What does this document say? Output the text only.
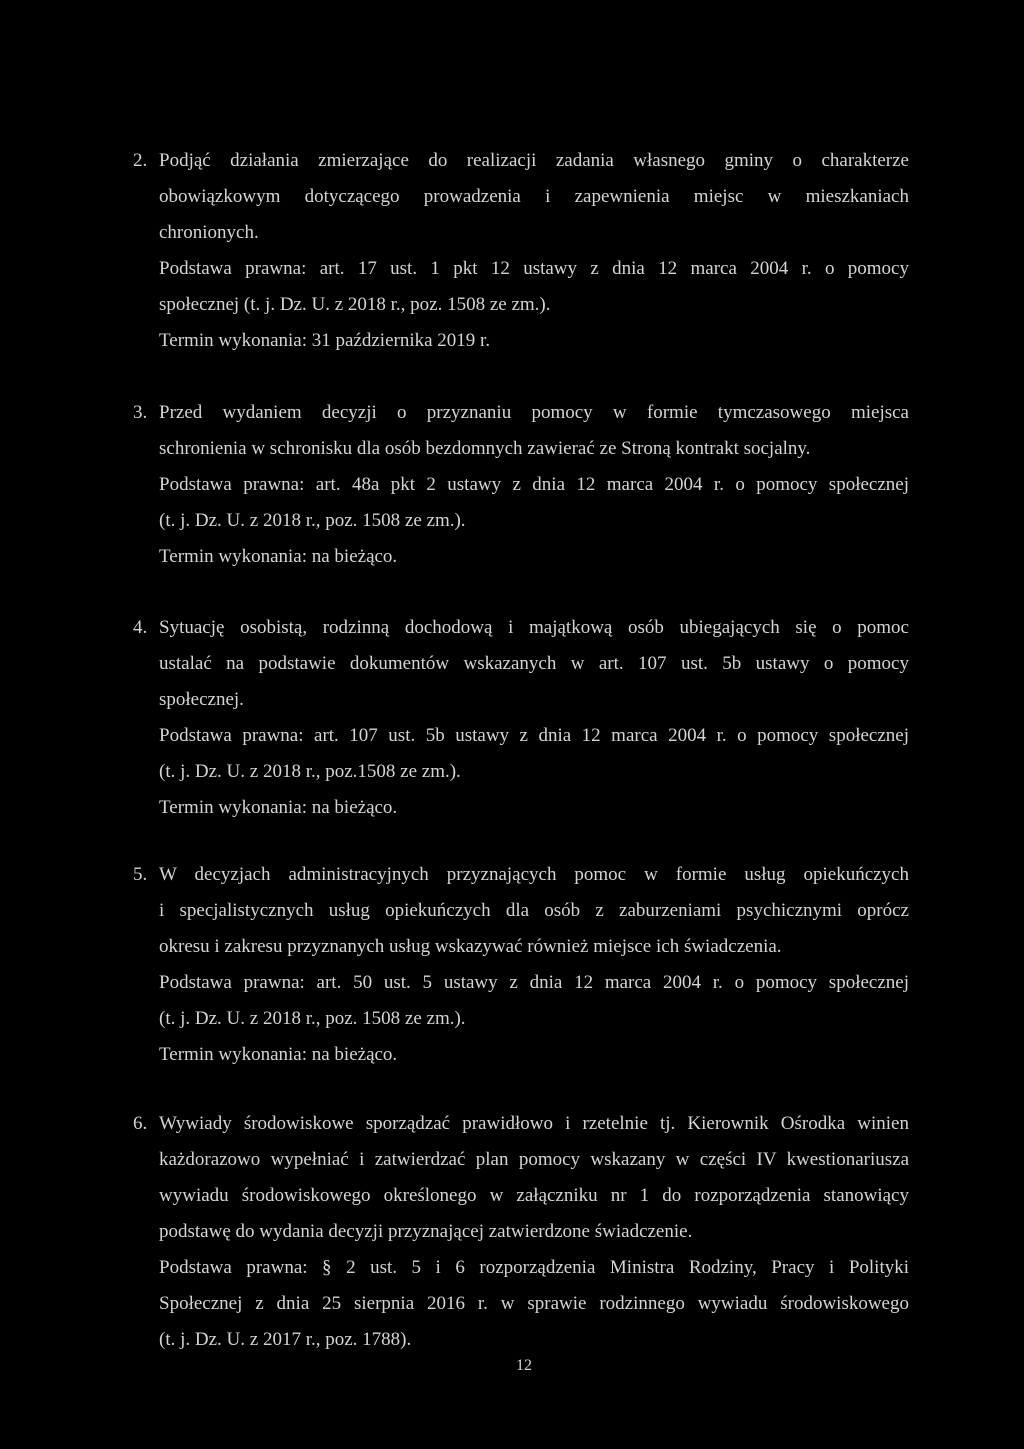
2. Podjąć działania zmierzające do realizacji zadania własnego gminy o charakterze

obowiązkowym dotyczącego prowadzenia i zapewnienia miejsc w mieszkaniach

chronionych.

Podstawa prawna: art. 17 ust. 1 pkt 12 ustawy z dnia 12 marca 2004 r. o pomocy

społecznej (t. j. Dz. U. z 2018 r., poz. 1508 ze zm.).

Termin wykonania: 31 października 2019 r.

3. Przed wydaniem decyzji o przyznaniu pomocy w formie tymczasowego miejsca

schronienia w schronisku dla osób bezdomnych zawierać ze Stroną kontrakt socjalny.

Podstawa prawna: art. 48a pkt 2 ustawy z dnia 12 marca 2004 r. o pomocy społecznej

(t. j. Dz. U. z 2018 r., poz. 1508 ze zm.).

Termin wykonania: na bieżąco.

4. Sytuację osobistą, rodzinną dochodową i majątkową osób ubiegających się o pomoc

ustalać na podstawie dokumentów wskazanych w art. 107 ust. 5b ustawy o pomocy

społecznej.

Podstawa prawna: art. 107 ust. 5b ustawy z dnia 12 marca 2004 r. o pomocy społecznej

(t. j. Dz. U. z 2018 r., poz.1508 ze zm.).

Termin wykonania: na bieżąco.

5. W decyzjach administracyjnych przyznających pomoc w formie usług opiekuńczych

i specjalistycznych usług opiekuńczych dla osób z zaburzeniami psychicznymi oprócz

okresu i zakresu przyznanych usług wskazywać również miejsce ich świadczenia.

Podstawa prawna: art. 50 ust. 5 ustawy z dnia 12 marca 2004 r. o pomocy społecznej

(t. j. Dz. U. z 2018 r., poz. 1508 ze zm.).

Termin wykonania: na bieżąco.

6. Wywiady środowiskowe sporządzać prawidłowo i rzetelnie tj. Kierownik Ośrodka winien

każdorazowo wypełniać i zatwierdzać plan pomocy wskazany w części IV kwestionariusza

wywiadu środowiskowego określonego w załączniku nr 1 do rozporządzenia stanowiący

podstawę do wydania decyzji przyznającej zatwierdzone świadczenie.

Podstawa prawna: § 2 ust. 5 i 6 rozporządzenia Ministra Rodziny, Pracy i Polityki

Społecznej z dnia 25 sierpnia 2016 r. w sprawie rodzinnego wywiadu środowiskowego

(t. j. Dz. U. z 2017 r., poz. 1788).

12
